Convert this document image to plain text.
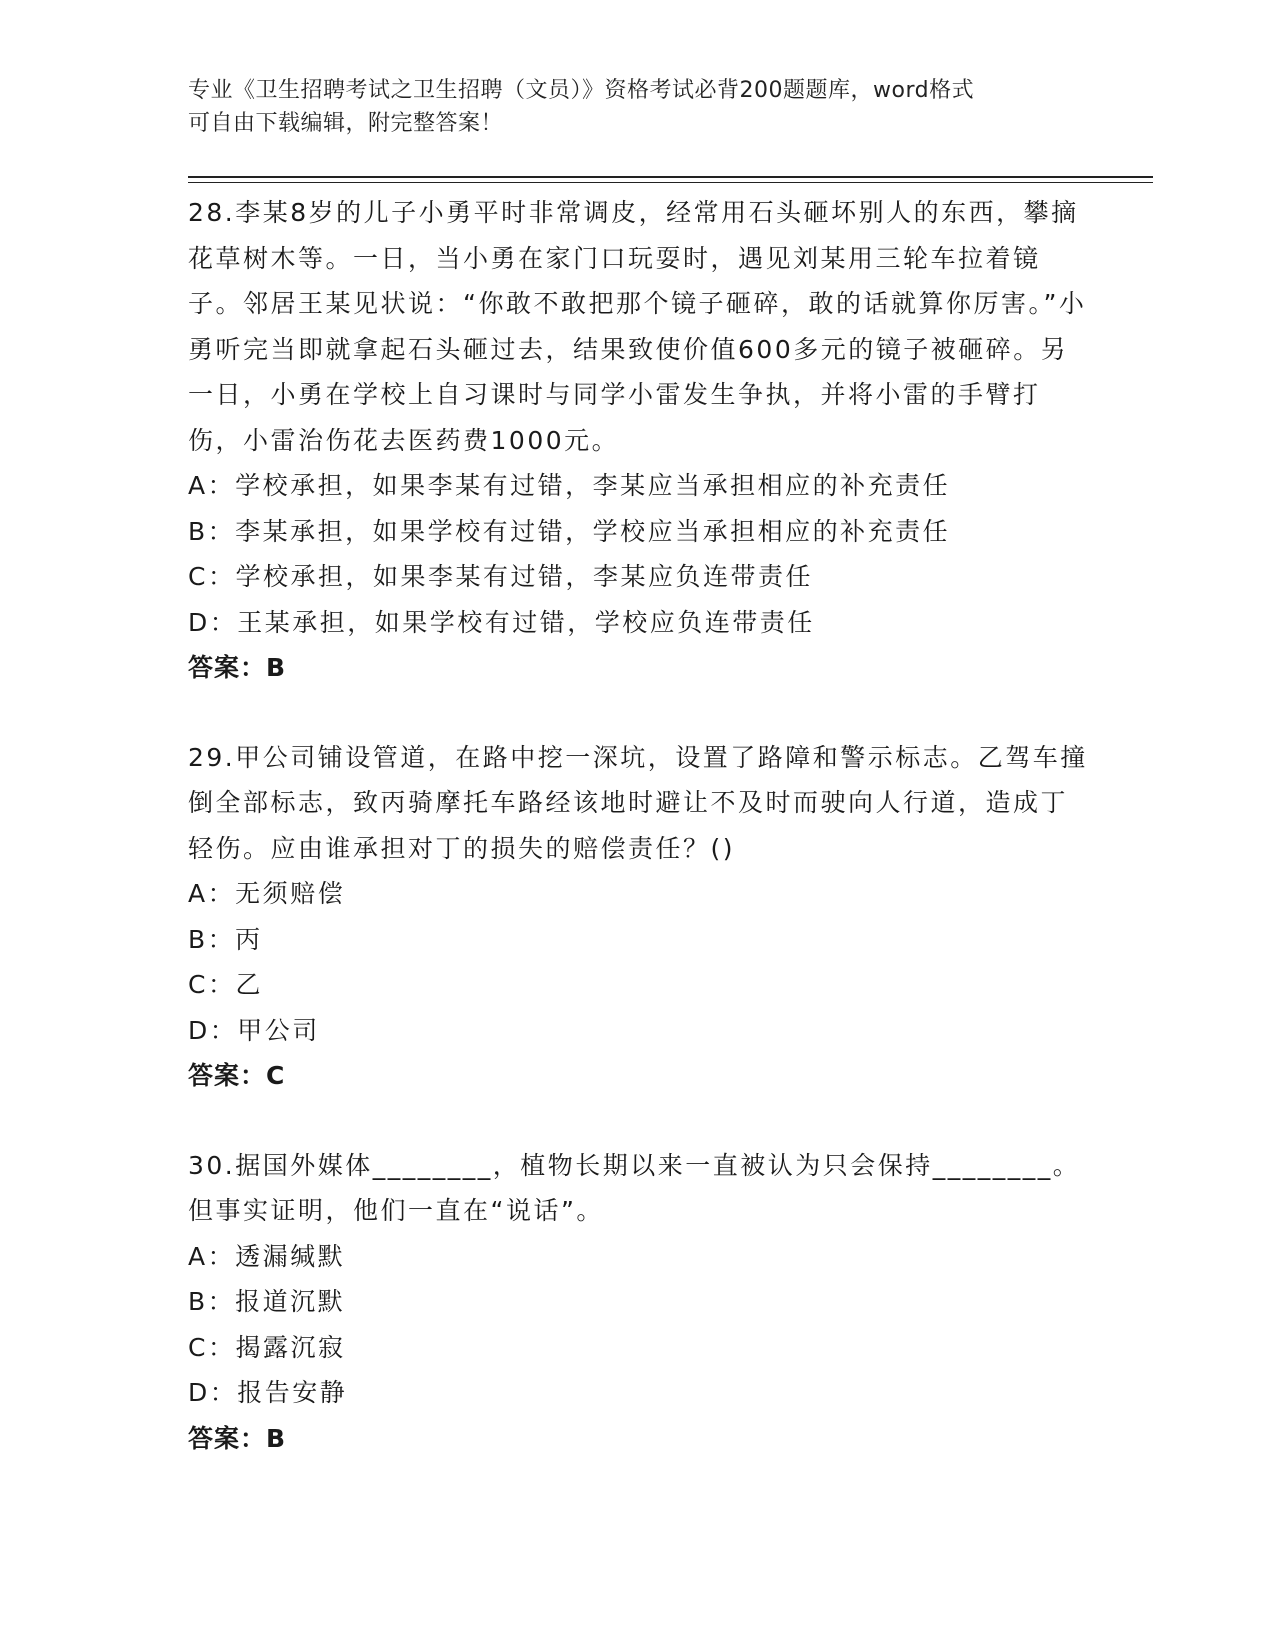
专业《卫生招聘考试之卫生招聘（文员）》资格考试必背200题题库，word格式
可自由下载编辑，附完整答案！

28.李某8岁的儿子小勇平时非常调皮，经常用石头砸坏别人的东西，攀摘花草树木等。一日，当小勇在家门口玩耍时，遇见刘某用三轮车拉着镜子。邻居王某见状说：“你敢不敢把那个镜子砸碎，敢的话就算你厉害。”小勇听完当即就拿起石头砸过去，结果致使价值600多元的镜子被砸碎。另一日，小勇在学校上自习课时与同学小雷发生争执，并将小雷的手臂打伤，小雷治伤花去医药费1000元。

A：学校承担，如果李某有过错，李某应当承担相应的补充责任

B：李某承担，如果学校有过错，学校应当承担相应的补充责任

C：学校承担，如果李某有过错，李某应负连带责任

D：王某承担，如果学校有过错，学校应负连带责任

答案：B

29.甲公司铺设管道，在路中挖一深坑，设置了路障和警示标志。乙驾车撞倒全部标志，致丙骑摩托车路经该地时避让不及时而驶向人行道，造成丁轻伤。应由谁承担对丁的损失的赔偿责任？()

A：无须赔偿

B：丙

C：乙

D：甲公司

答案：C

30.据国外媒体________，植物长期以来一直被认为只会保持________。但事实证明，他们一直在“说话”。

A：透漏缄默

B：报道沉默

C：揭露沉寂

D：报告安静

答案：B
